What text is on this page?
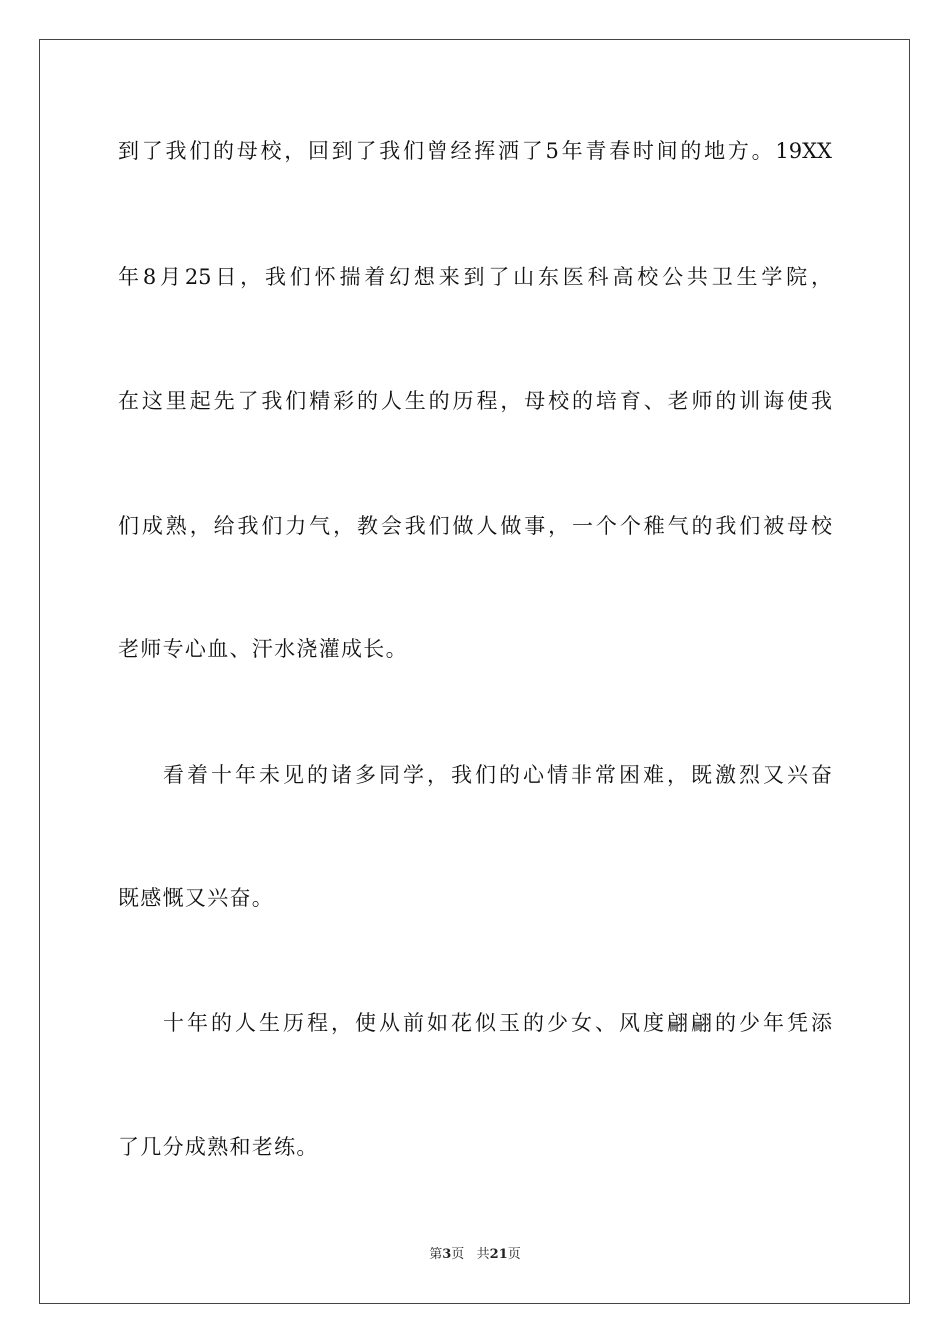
到了我们的母校，回到了我们曾经挥洒了5年青春时间的地方。19XX
年8月25日，我们怀揣着幻想来到了山东医科高校公共卫生学院，
在这里起先了我们精彩的人生的历程，母校的培育、老师的训诲使我
们成熟，给我们力气，教会我们做人做事，一个个稚气的我们被母校
老师专心血、汗水浇灌成长。
看着十年未见的诸多同学，我们的心情非常困难，既激烈又兴奋
既感慨又兴奋。
十年的人生历程，使从前如花似玉的少女、风度翩翩的少年凭添
了几分成熟和老练。
第3页   共21页
